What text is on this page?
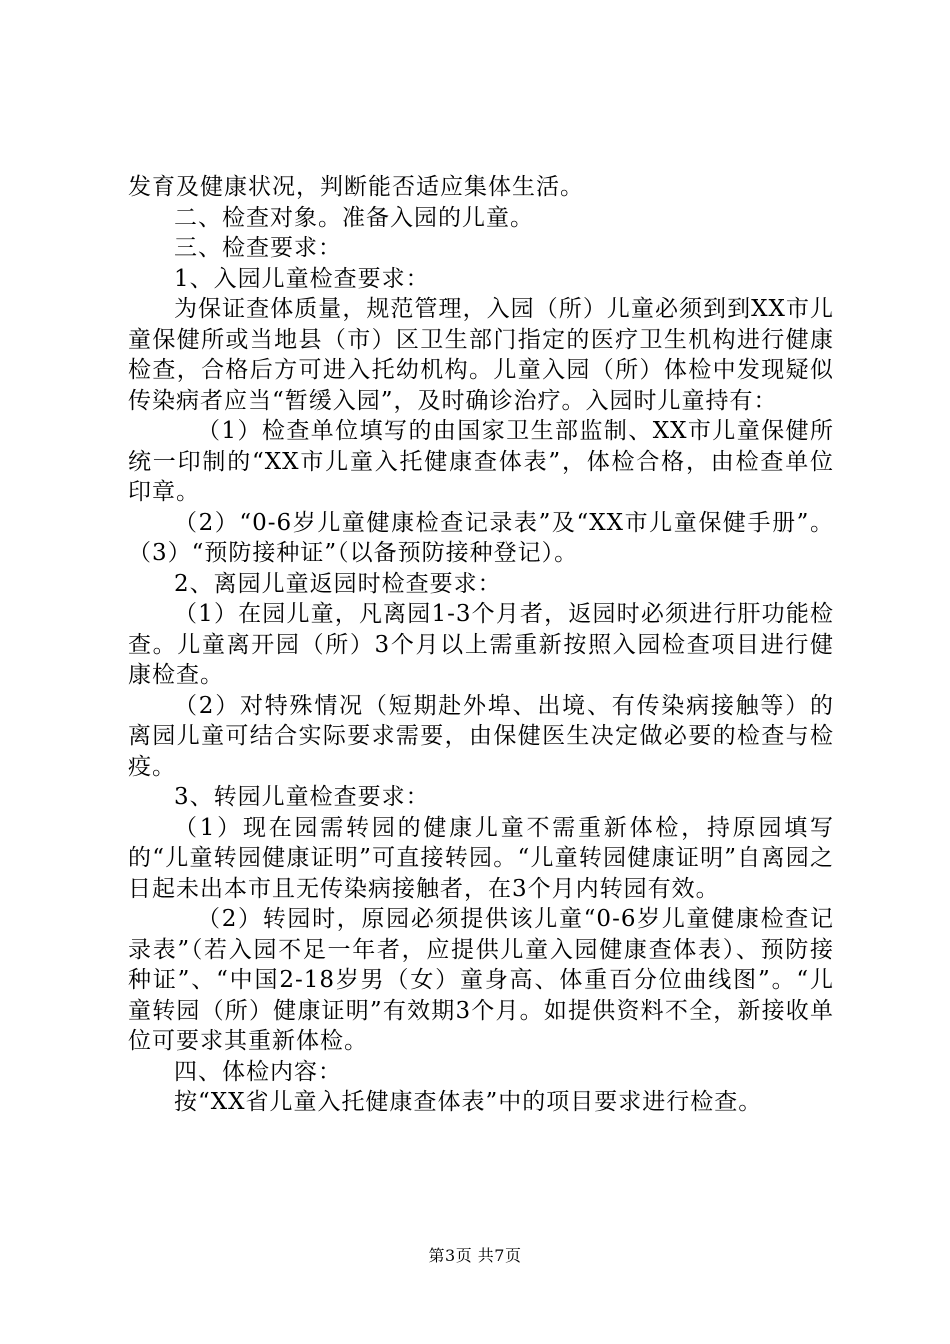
发育及健康状况，判断能否适应集体生活。

二、检查对象。准备入园的儿童。

三、检查要求：

1、入园儿童检查要求：

为保证查体质量，规范管理，入园（所）儿童必须到到XX市儿童保健所或当地县（市）区卫生部门指定的医疗卫生机构进行健康检查，合格后方可进入托幼机构。儿童入园（所）体检中发现疑似传染病者应当“暂缓入园”，及时确诊治疗。入园时儿童持有：

（1）检查单位填写的由国家卫生部监制、XX市儿童保健所统一印制的“XX市儿童入托健康查体表”，体检合格，由检查单位印章。

（2）“0-6岁儿童健康检查记录表”及“XX市儿童保健手册”。（3）“预防接种证”（以备预防接种登记）。

2、离园儿童返园时检查要求：

（1）在园儿童，凡离园1-3个月者，返园时必须进行肝功能检查。儿童离开园（所）3个月以上需重新按照入园检查项目进行健康检查。

（2）对特殊情况（短期赴外埠、出境、有传染病接触等）的离园儿童可结合实际要求需要，由保健医生决定做必要的检查与检疫。

3、转园儿童检查要求：

（1）现在园需转园的健康儿童不需重新体检，持原园填写的“儿童转园健康证明”可直接转园。“儿童转园健康证明”自离园之日起未出本市且无传染病接触者，在3个月内转园有效。

（2）转园时，原园必须提供该儿童“0-6岁儿童健康检查记录表”（若入园不足一年者，应提供儿童入园健康查体表）、预防接种证”、“中国2-18岁男（女）童身高、体重百分位曲线图”。“儿童转园（所）健康证明”有效期3个月。如提供资料不全，新接收单位可要求其重新体检。

四、体检内容：

按“XX省儿童入托健康查体表”中的项目要求进行检查。

第3页 共7页
